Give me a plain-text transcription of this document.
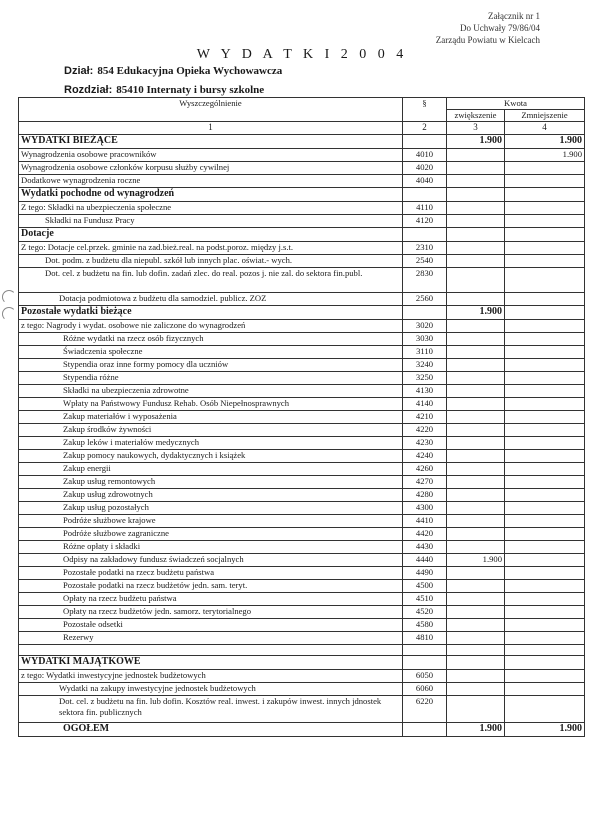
Załącznik nr 1
Do Uchwały 79/86/04
Zarządu Powiatu w Kielcach
W Y D A T K I 2 0 0 4
Dział: 854 Edukacyjna Opieka Wychowawcza
Rozdział: 85410 Internaty i bursy szkolne
Wyszczególnienie	§	Kwota	
		zwiększenie	Zmniejszenie
1	2	3	4
WYDATKI BIEŻĄCE		1.900	1.900
Wynagrodzenia osobowe pracowników	4010		1.900
Wynagrodzenia osobowe członków korpusu służby cywilnej	4020		
Dodatkowe wynagrodzenia roczne	4040		
Wydatki pochodne od wynagrodzeń			
Z tego: Składki na ubezpieczenia społeczne	4110		
Składki na Fundusz Pracy	4120		
Dotacje			
Z tego: Dotacje cel.przek. gminie na zad.bież.real. na podst.poroz. między j.s.t.	2310		
Dot. podm. z budżetu dla niepubl. szkół lub innych plac. oświat.- wych.	2540		
Dot. cel. z budżetu na fin. lub dofin. zadań zlec. do real. pozos j. nie zal. do sektora fin.publ.	2830		
Dotacja podmiotowa z budżetu dla samodziel. publicz. ZOZ	2560		
Pozostałe wydatki bieżące		1.900	
z tego: Nagrody i wydat. osobowe nie zaliczone do wynagrodzeń	3020		
Różne wydatki na rzecz osób fizycznych	3030		
Świadczenia społeczne	3110		
Stypendia oraz inne formy pomocy dla uczniów	3240		
Stypendia różne	3250		
Składki na ubezpieczenia zdrowotne	4130		
Wpłaty na Państwowy Fundusz Rehab. Osób Niepełnosprawnych	4140		
Zakup materiałów i wyposażenia	4210		
Zakup środków żywności	4220		
Zakup leków i materiałów medycznych	4230		
Zakup pomocy naukowych, dydaktycznych i książek	4240		
Zakup energii	4260		
Zakup usług remontowych	4270		
Zakup usług zdrowotnych	4280		
Zakup usług pozostałych	4300		
Podróże służbowe krajowe	4410		
Podróże służbowe zagraniczne	4420		
Różne opłaty i składki	4430		
Odpisy na zakładowy fundusz świadczeń socjalnych	4440	1.900	
Pozostałe podatki na rzecz budżetu państwa	4490		
Pozostałe podatki na rzecz budżetów jedn. sam. teryt.	4500		
Opłaty na rzecz budżetu państwa	4510		
Opłaty na rzecz budżetów jedn. samorz. terytorialnego	4520		
Pozostałe odsetki	4580		
Rezerwy	4810		

WYDATKI MAJĄTKOWE			
z tego: Wydatki inwestycyjne jednostek budżetowych	6050		
Wydatki na zakupy inwestycyjne jednostek budżetowych	6060		
Dot. cel. z budżetu na fin. lub dofin. Kosztów real. inwest. i zakupów inwest. innych jdnostek sektora fin. publicznych	6220		
OGÓŁEM		1.900	1.900
